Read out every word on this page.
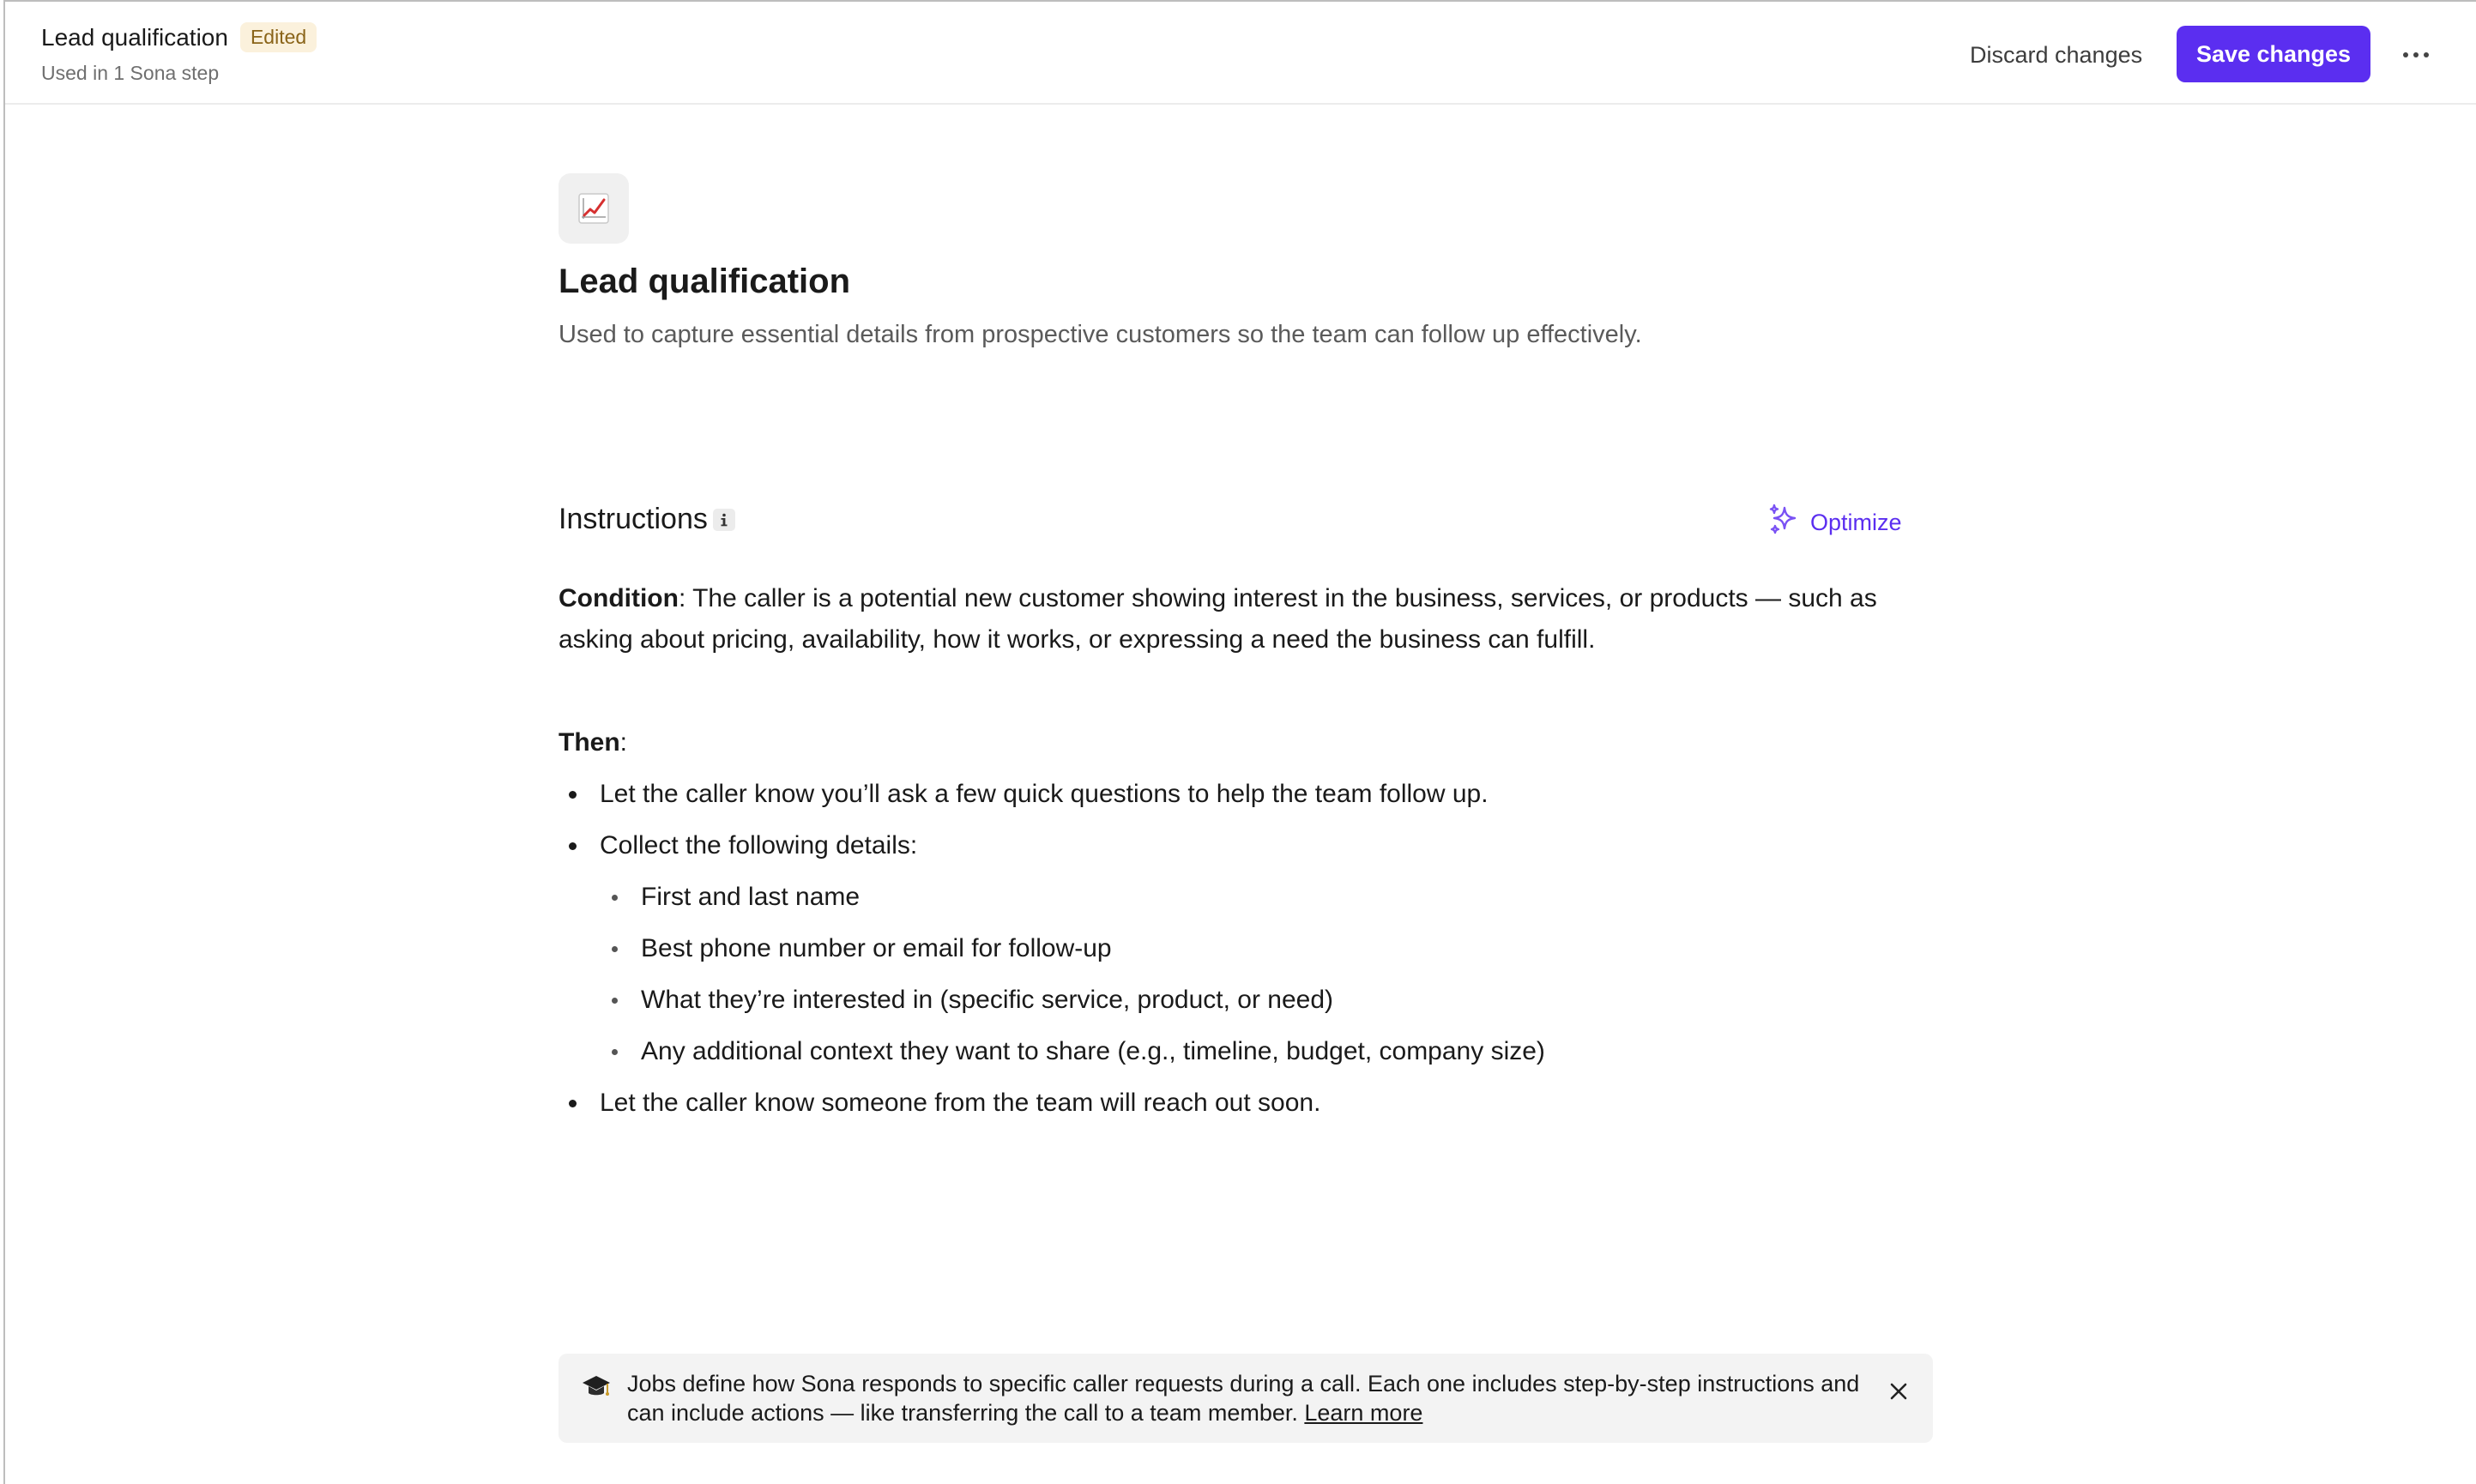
Lead qualification	Edited
Used in 1 Sona step
Discard changes	Save changes
Lead qualification
Used to capture essential details from prospective customers so the team can follow up effectively.
Instructions	Optimize

Condition: The caller is a potential new customer showing interest in the business, services, or products — such as asking about pricing, availability, how it works, or expressing a need the business can fulfill.

Then:

Let the caller know you’ll ask a few quick questions to help the team follow up.
Collect the following details:
First and last name
Best phone number or email for follow-up
What they’re interested in (specific service, product, or need)
Any additional context they want to share (e.g., timeline, budget, company size)
Let the caller know someone from the team will reach out soon.
Jobs define how Sona responds to specific caller requests during a call. Each one includes step-by-step instructions and can include actions — like transferring the call to a team member. Learn more
